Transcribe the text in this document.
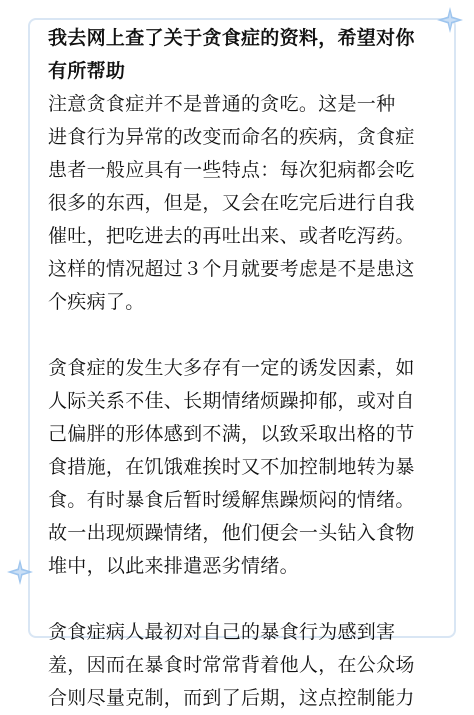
我去网上查了关于贪食症的资料，希望对你
有所帮助
注意贪食症并不是普通的贪吃。这是一种
进食行为异常的改变而命名的疾病，贪食症
患者一般应具有一些特点：每次犯病都会吃
很多的东西，但是，又会在吃完后进行自我
催吐，把吃进去的再吐出来、或者吃泻药。
这样的情况超过３个月就要考虑是不是患这
个疾病了。
贪食症的发生大多存有一定的诱发因素，如
人际关系不佳、长期情绪烦躁抑郁，或对自
己偏胖的形体感到不满，以致采取出格的节
食措施，在饥饿难挨时又不加控制地转为暴
食。有时暴食后暂时缓解焦躁烦闷的情绪。
故一出现烦躁情绪，他们便会一头钻入食物
堆中，以此来排遣恶劣情绪。
贪食症病人最初对自己的暴食行为感到害
羞，因而在暴食时常常背着他人，在公众场
合则尽量克制，而到了后期，这点控制能力
